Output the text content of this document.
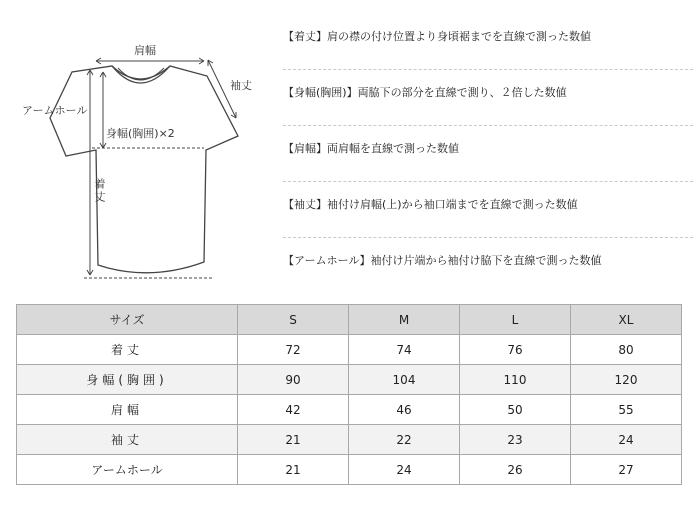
肩幅
袖丈
アームホール
身幅(胸囲)×2
着丈
【着丈】肩の襟の付け位置より身頃裾までを直線で測った数値
【身幅(胸囲)】両脇下の部分を直線で測り、２倍した数値
【肩幅】両肩幅を直線で測った数値
【袖丈】袖付け肩幅(上)から袖口端までを直線で測った数値
【アームホール】袖付け片端から袖付け脇下を直線で測った数値
サイズ	S	M	L	XL
着丈	72	74	76	80
身幅(胸囲)	90	104	110	120
肩幅	42	46	50	55
袖丈	21	22	23	24
アームホール	21	24	26	27
